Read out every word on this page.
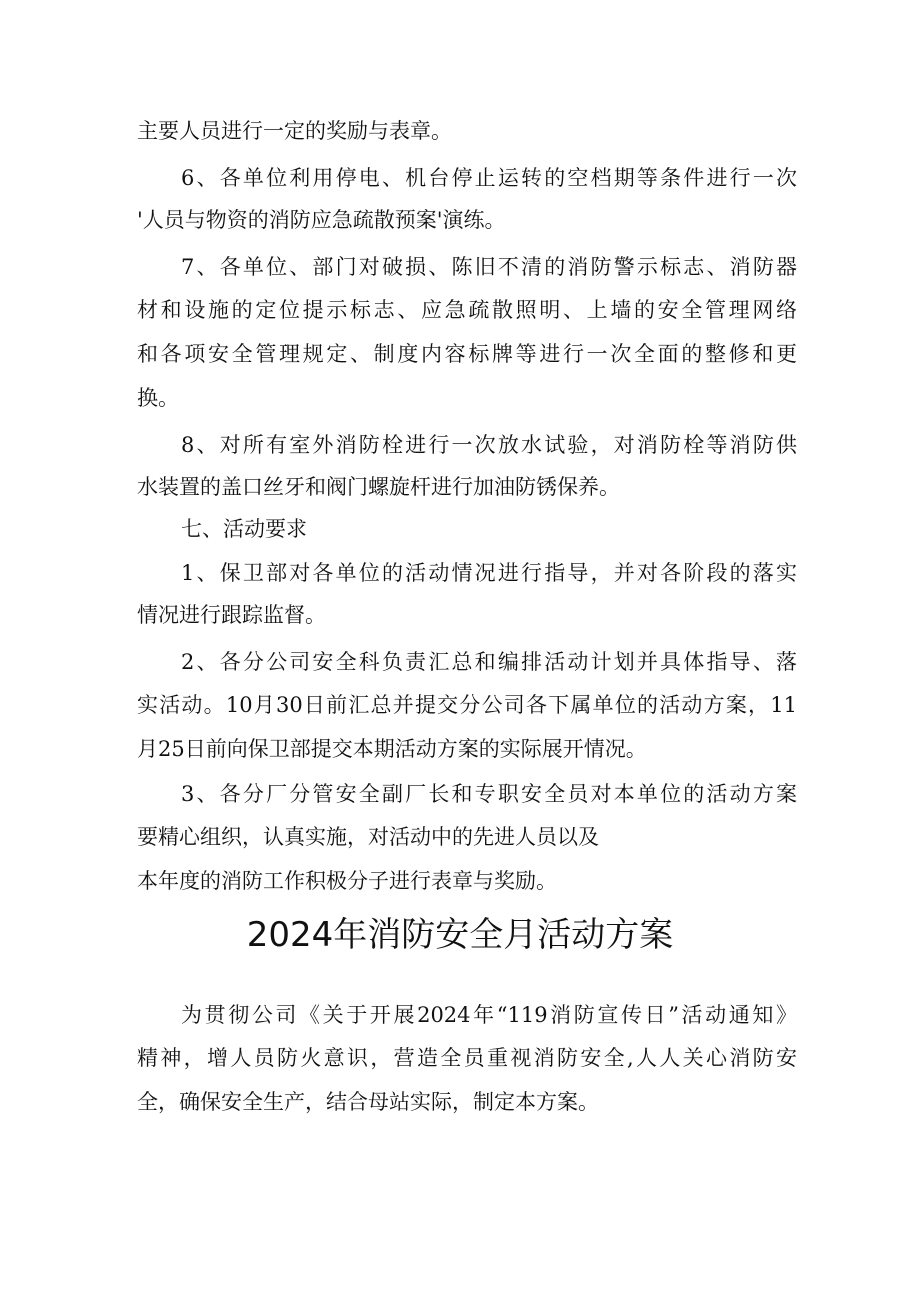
主要人员进行一定的奖励与表章。
6、各单位利用停电、机台停止运转的空档期等条件进行一次
'人员与物资的消防应急疏散预案'演练。
7、各单位、部门对破损、陈旧不清的消防警示标志、消防器
材和设施的定位提示标志、应急疏散照明、上墙的安全管理网络
和各项安全管理规定、制度内容标牌等进行一次全面的整修和更
换。
8、对所有室外消防栓进行一次放水试验，对消防栓等消防供
水装置的盖口丝牙和阀门螺旋杆进行加油防锈保养。
七、活动要求
1、保卫部对各单位的活动情况进行指导，并对各阶段的落实
情况进行跟踪监督。
2、各分公司安全科负责汇总和编排活动计划并具体指导、落
实活动。10月30日前汇总并提交分公司各下属单位的活动方案，11
月25日前向保卫部提交本期活动方案的实际展开情况。
3、各分厂分管安全副厂长和专职安全员对本单位的活动方案
要精心组织，认真实施，对活动中的先进人员以及
本年度的消防工作积极分子进行表章与奖励。
2024年消防安全月活动方案
为贯彻公司《关于开展2024年“119消防宣传日”活动通知》
精神，增人员防火意识，营造全员重视消防安全,人人关心消防安
全，确保安全生产，结合母站实际，制定本方案。
